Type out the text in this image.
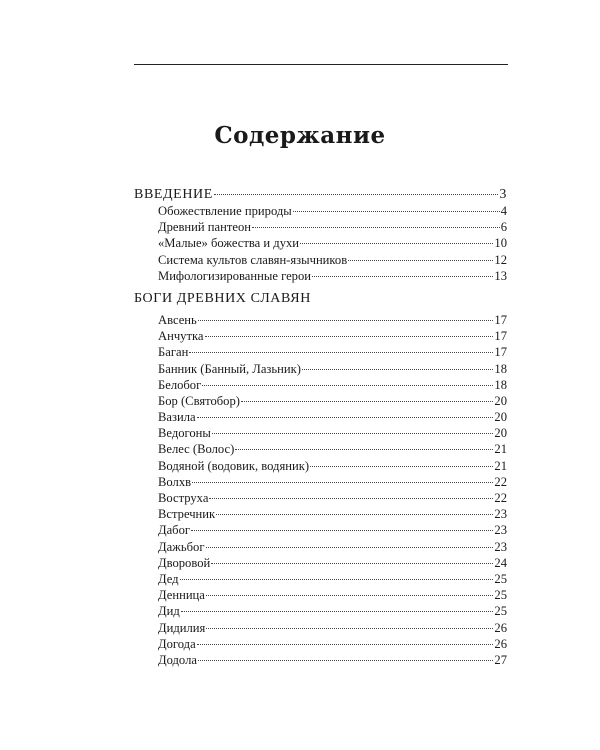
Содержание
ВВЕДЕНИЕ	3
Обожествление природы	4
Древний пантеон	6
«Малые» божества и духи	10
Система культов славян-язычников	12
Мифологизированные герои	13
БОГИ ДРЕВНИХ СЛАВЯН
Авсень	17
Анчутка	17
Баган	17
Банник (Банный, Лазьник)	18
Белобог	18
Бор (Святобор)	20
Вазила	20
Ведогоны	20
Велес (Волос)	21
Водяной (водовик, водяник)	21
Волхв	22
Воструха	22
Встречник	23
Дабог	23
Дажьбог	23
Дворовой	24
Дед	25
Денница	25
Дид	25
Дидилия	26
Догода	26
Додола	27
